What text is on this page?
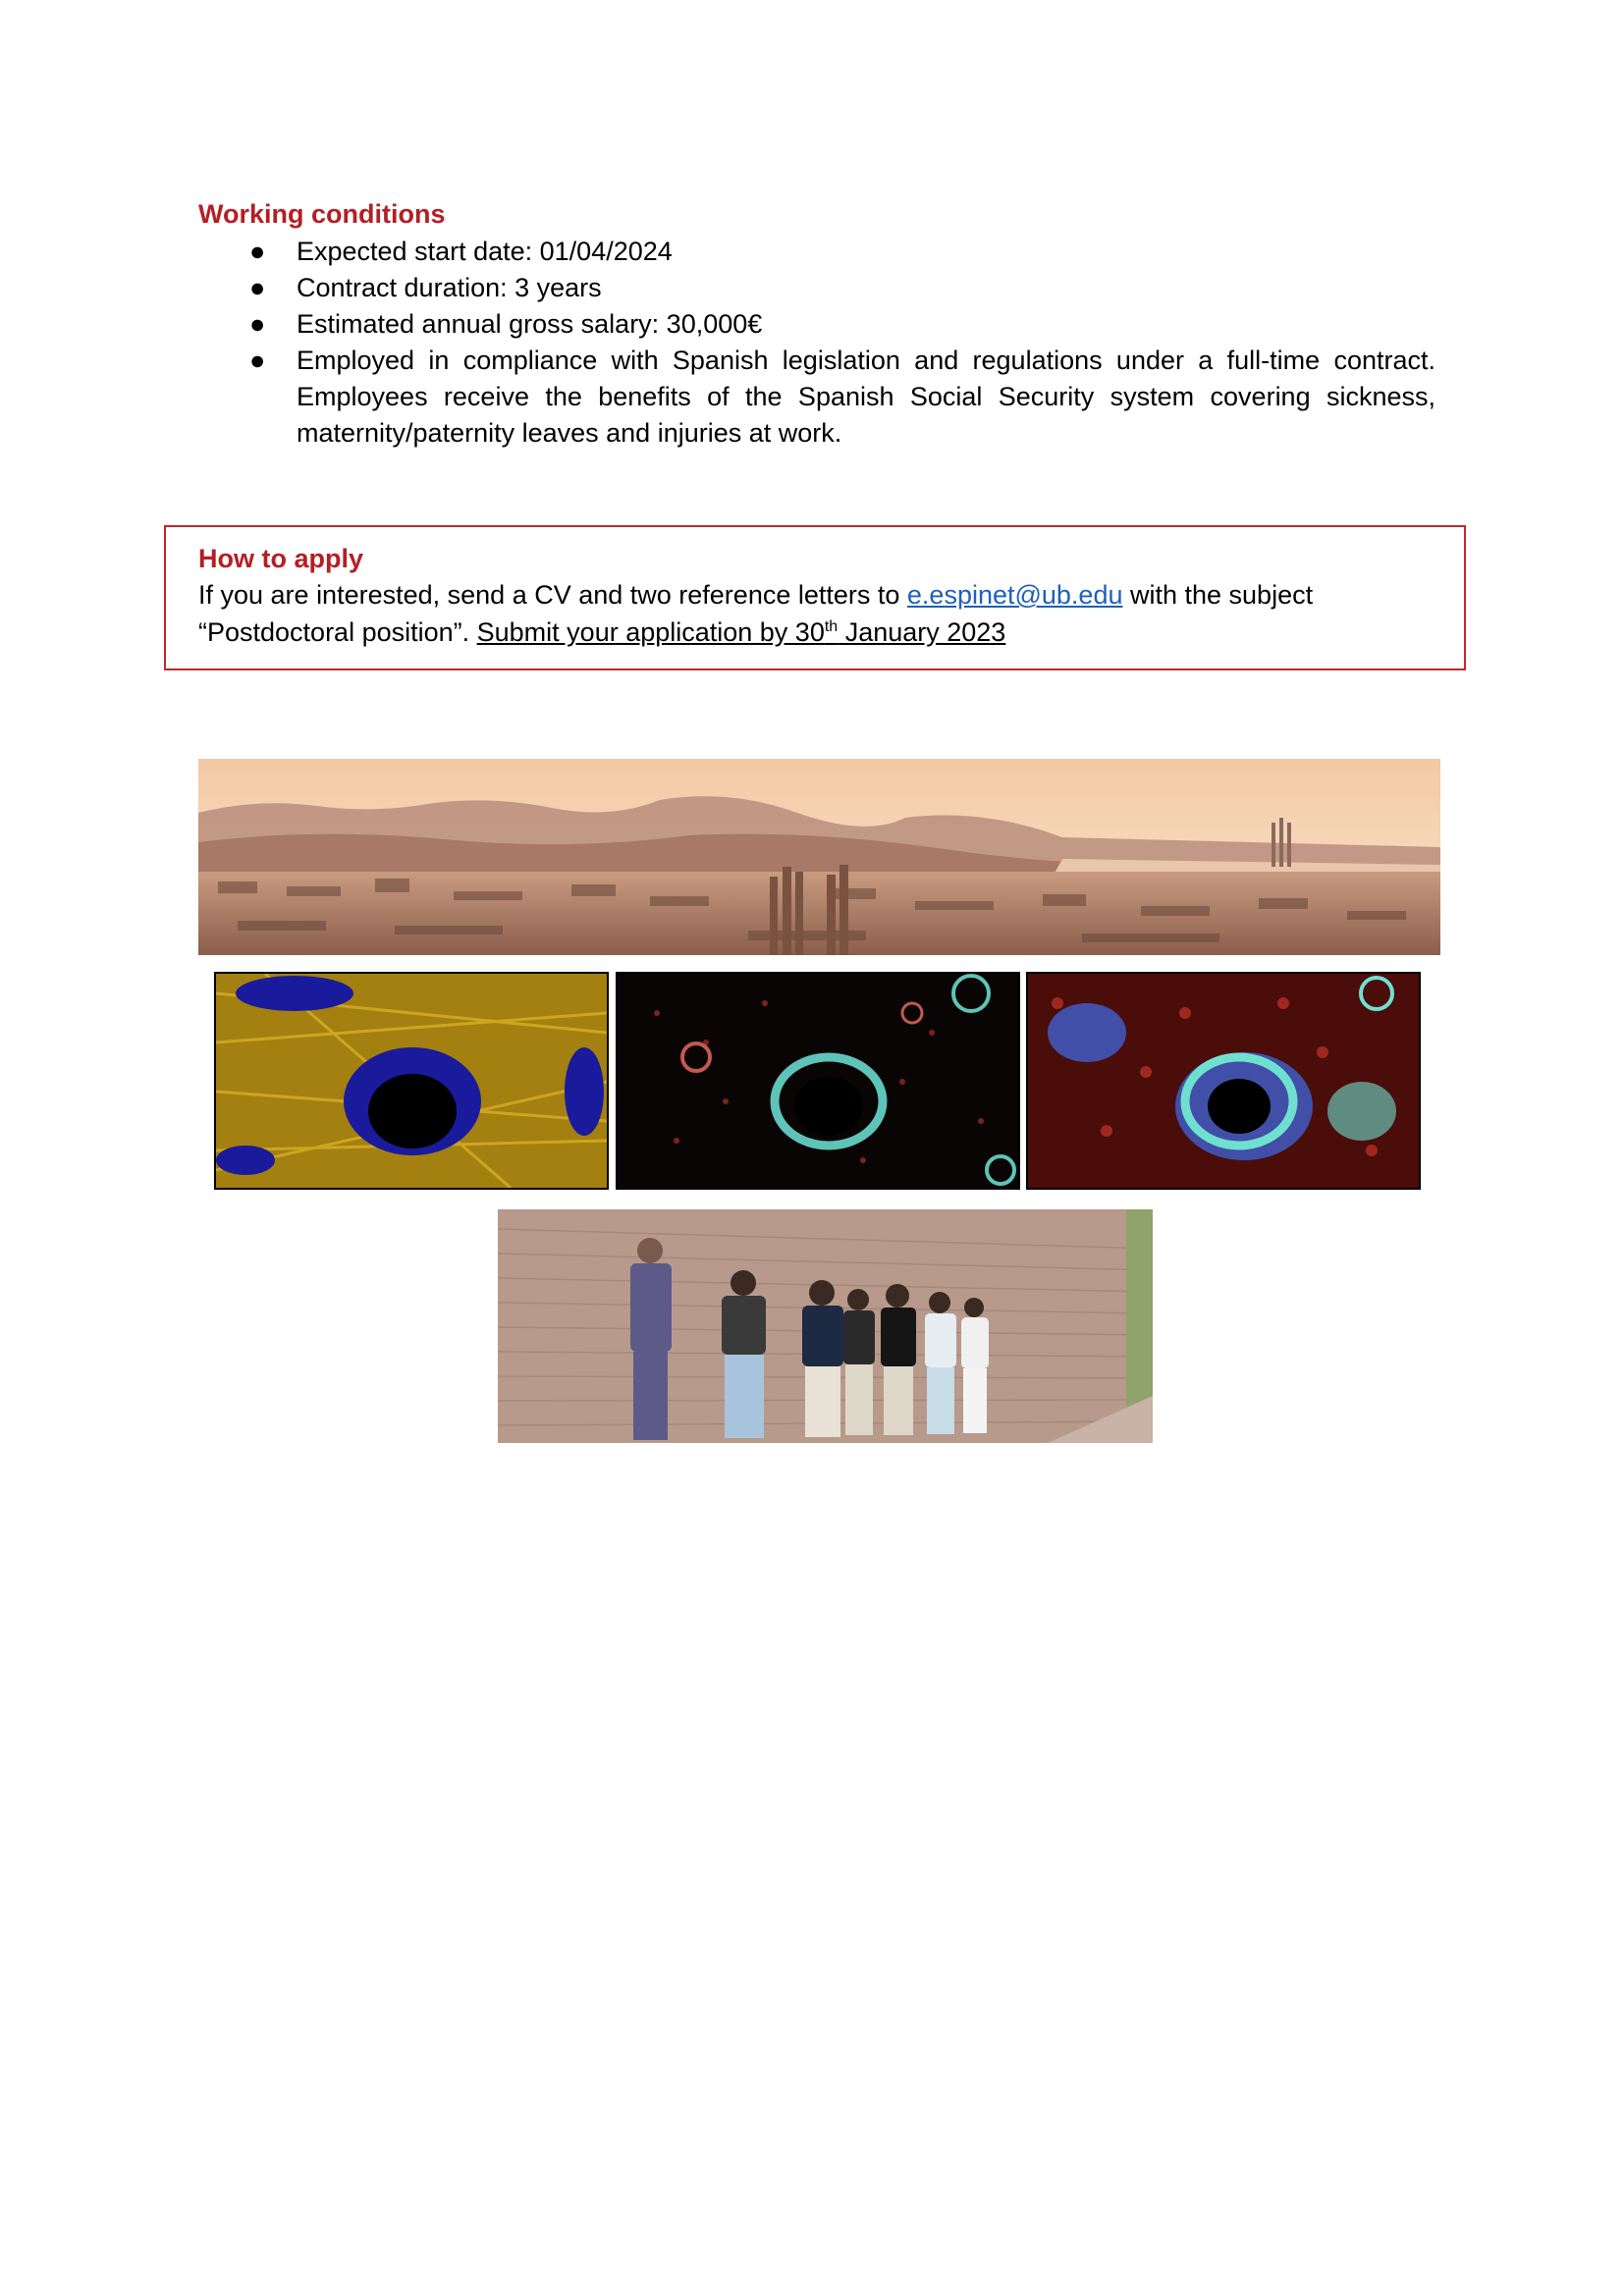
Working conditions
● Expected start date: 01/04/2024
● Contract duration: 3 years
● Estimated annual gross salary: 30,000€
● Employed in compliance with Spanish legislation and regulations under a full-time contract. Employees receive the benefits of the Spanish Social Security system covering sickness, maternity/paternity leaves and injuries at work.
How to apply

If you are interested, send a CV and two reference letters to e.espinet@ub.edu with the subject “Postdoctoral position”. Submit your application by 30th January 2023
